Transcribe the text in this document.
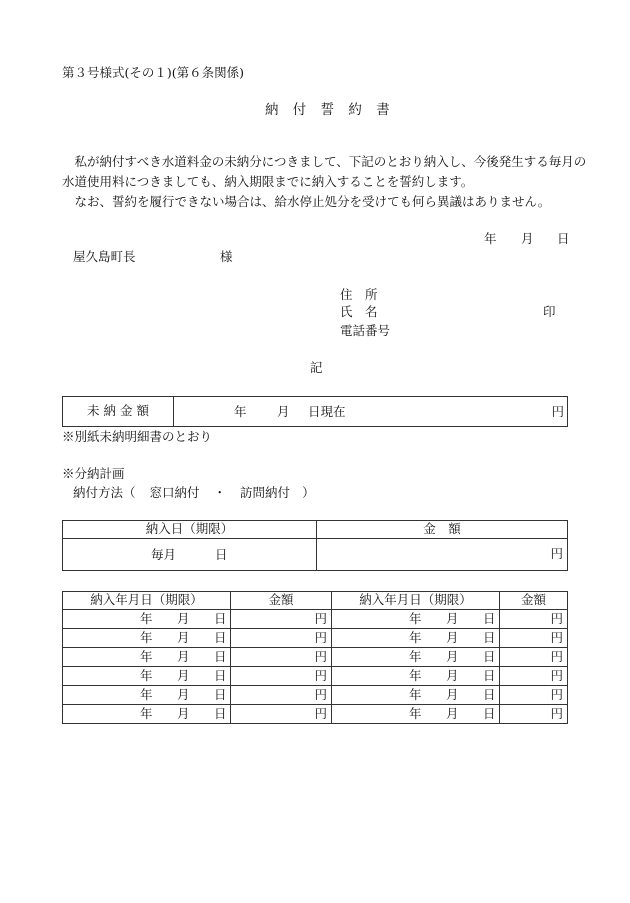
第３号様式(その１)(第６条関係)
納 付 誓 約 書
　私が納付すべき水道料金の未納分につきまして、下記のとおり納入し、今後発生する毎月の
水道使用料につきましても、納入期限までに納入することを誓約します。
　なお、誓約を履行できない場合は、給水停止処分を受けても何ら異議はありません。
年 月 日
屋久島町長	様
住　所
氏　名	印
電話番号
記
未 納 金 額	年 月 日現在	円
※別紙未納明細書のとおり
※分納計画
納付方法（ 窓口納付 ・ 訪問納付 ）
納入日（期限）	金　額

毎月 日	円
納入年月日（期限）	金額	納入年月日（期限）	金額

年 月 日	円	年 月 日	円

年 月 日	円	年 月 日	円

年 月 日	円	年 月 日	円

年 月 日	円	年 月 日	円

年 月 日	円	年 月 日	円

年 月 日	円	年 月 日	円
